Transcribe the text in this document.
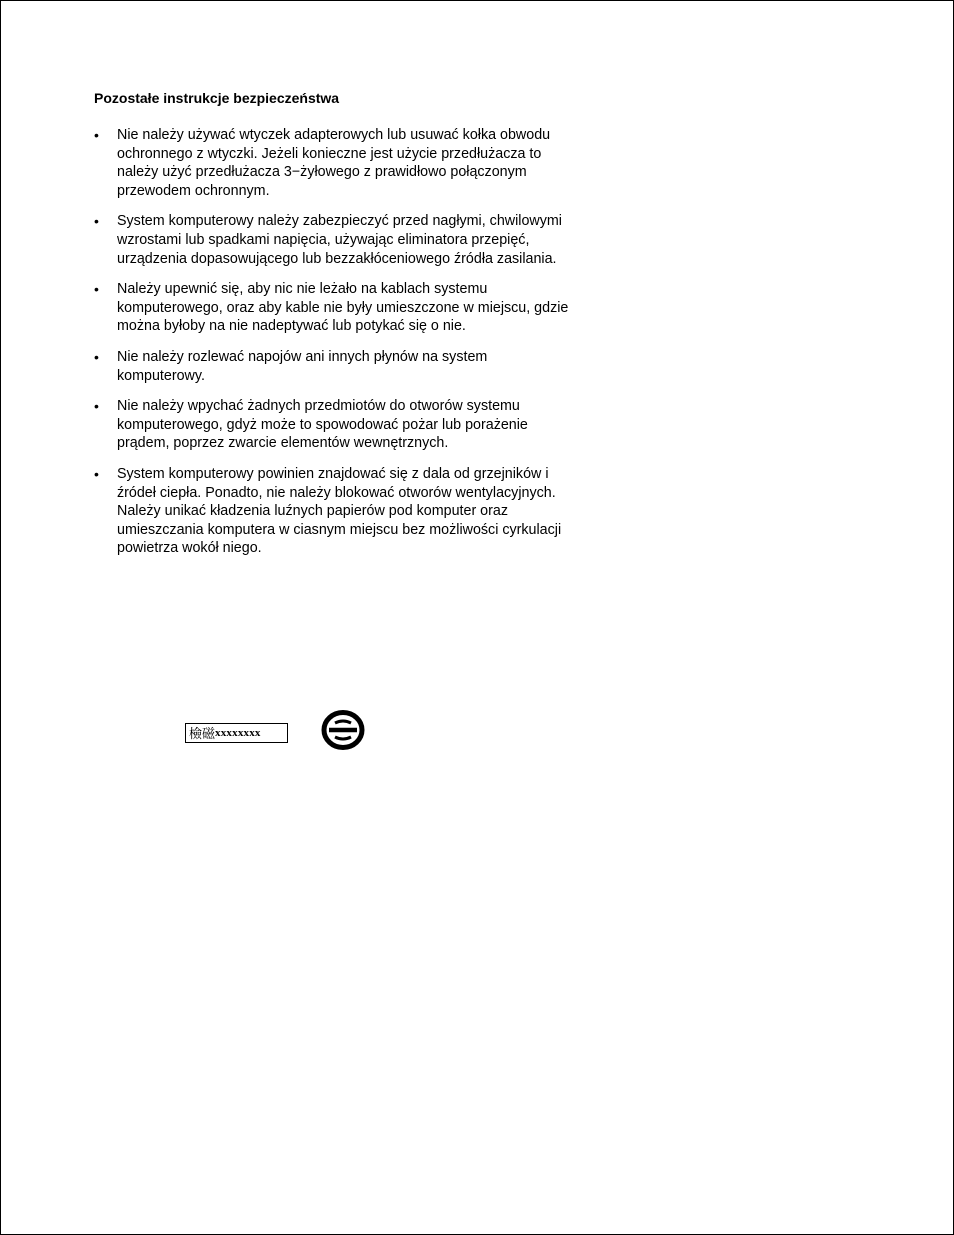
Pozostałe instrukcje bezpieczeństwa
•	Nie należy używać wtyczek adapterowych lub usuwać kołka obwodu ochronnego z wtyczki. Jeżeli konieczne jest użycie przedłużacza to należy użyć przedłużacza 3−żyłowego z prawidłowo połączonym przewodem ochronnym.
•	System komputerowy należy zabezpieczyć przed nagłymi, chwilowymi wzrostami lub spadkami napięcia, używając eliminatora przepięć, urządzenia dopasowującego lub bezzakłóceniowego źródła zasilania.
•	Należy upewnić się, aby nic nie leżało na kablach systemu komputerowego, oraz aby kable nie były umieszczone w miejscu, gdzie można byłoby na nie nadeptywać lub potykać się o nie.
•	Nie należy rozlewać napojów ani innych płynów na system komputerowy.
•	Nie należy wpychać żadnych przedmiotów do otworów systemu komputerowego, gdyż może to spowodować pożar lub porażenie prądem, poprzez zwarcie elementów wewnętrznych.
•	System komputerowy powinien znajdować się z dala od grzejników i źródeł ciepła. Ponadto, nie należy blokować otworów wentylacyjnych. Należy unikać kładzenia luźnych papierów pod komputer oraz umieszczania komputera w ciasnym miejscu bez możliwości cyrkulacji powietrza wokół niego.
檢磁 xxxxxxxx
